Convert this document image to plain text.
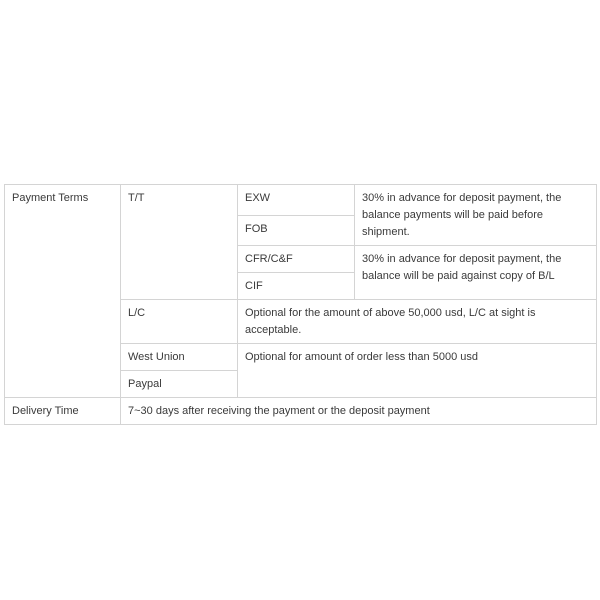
Payment Terms	T/T	EXW	30% in advance for deposit payment, the balance payments will be paid before shipment.
		FOB	
		CFR/C&F	30% in advance for deposit payment, the balance will be paid against copy of B/L
		CIF	
	L/C	Optional for the amount of above 50,000 usd, L/C at sight is acceptable.	
	West Union	Optional for amount of order less than 5000 usd	
	Paypal		
Delivery Time	7~30 days after receiving the payment or the deposit payment		
